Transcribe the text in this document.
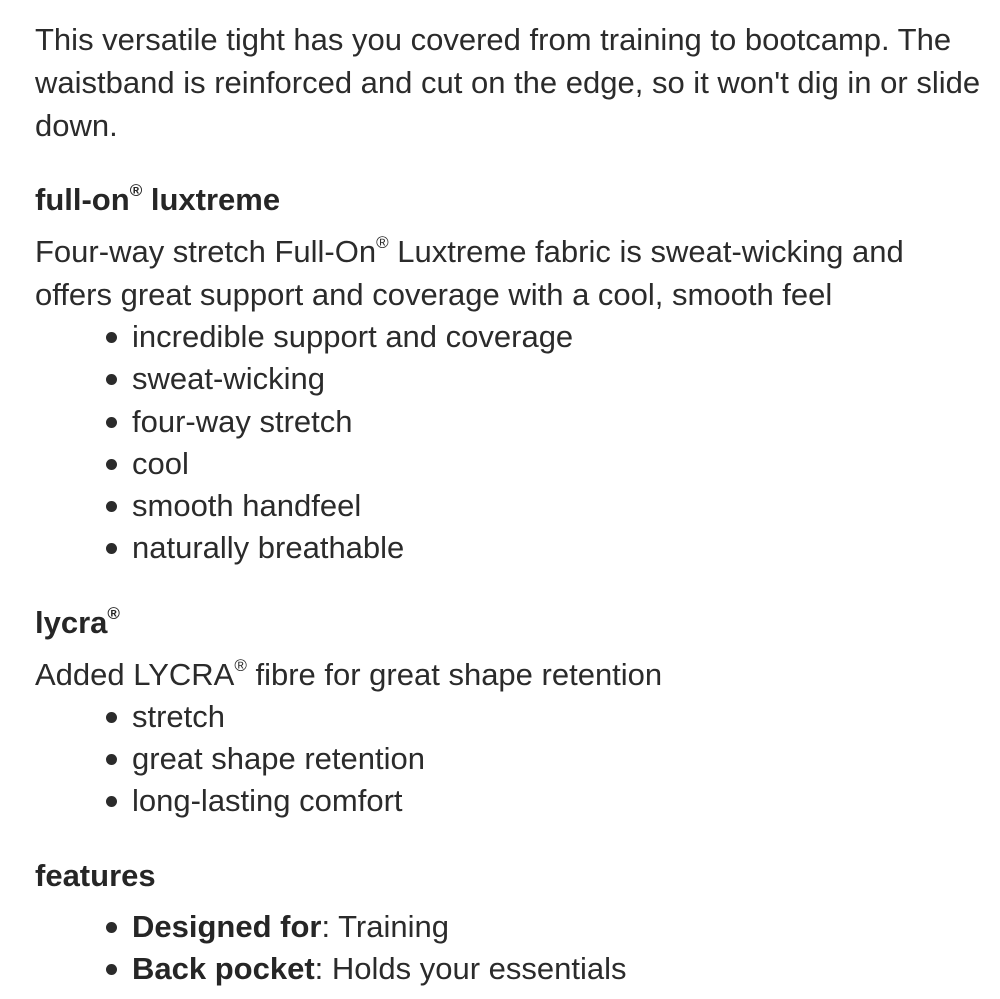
This versatile tight has you covered from training to bootcamp. The waistband is reinforced and cut on the edge, so it won't dig in or slide down.

full-on® luxtreme

Four-way stretch Full-On® Luxtreme fabric is sweat-wicking and offers great support and coverage with a cool, smooth feel

incredible support and coverage
sweat-wicking
four-way stretch
cool
smooth handfeel
naturally breathable

lycra®

Added LYCRA® fibre for great shape retention

stretch
great shape retention
long-lasting comfort

features

Designed for: Training
Back pocket: Holds your essentials
